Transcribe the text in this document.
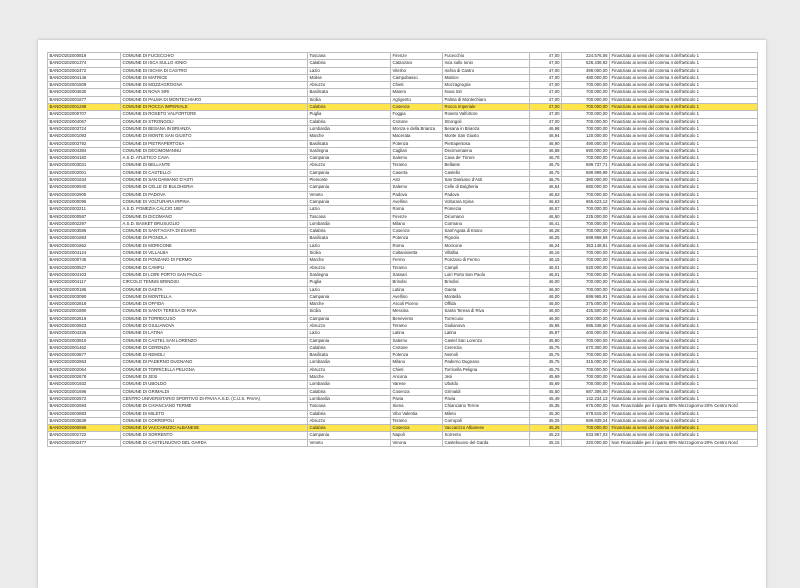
BANDO202000819	COMUNE DI FUCECCHIO	Toscana	Firenze	Fucecchio	47,00	224.576,06	Finanziato ai sensi del comma 4 dell'articolo 1
BANDO202001374	COMUNE DI ISCA SULLO IONIO	Calabria	Catanzaro	Isca sullo Ionio	47,00	526.438,92	Finanziato ai sensi del comma 4 dell'articolo 1
BANDO202002472	COMUNE DI ISCHIA DI CASTRO	Lazio	Viterbo	Ischia di Castro	47,00	399.000,00	Finanziato ai sensi del comma 4 dell'articolo 1
BANDO202004146	COMUNE DI MATRICE	Molise	Campobasso	Matrice	47,00	480.000,00	Finanziato ai sensi del comma 4 dell'articolo 1
BANDO202001509	COMUNE DI MOZZAGROGNA	Abruzzo	Chieti	Mozzagrogna	47,00	700.000,00	Finanziato ai sensi del comma 4 dell'articolo 1
BANDO202004630	COMUNE DI NOVA SIRI	Basilicata	Matera	Nova Siri	47,00	700.000,00	Finanziato ai sensi del comma 4 dell'articolo 1
BANDO202001677	COMUNE DI PALMA DI MONTECHIARO	Sicilia	Agrigento	Palma di Montechiaro	47,00	700.000,00	Finanziato ai sensi del comma 4 dell'articolo 1
BANDO202001288	COMUNE DI ROCCA IMPERIALE	Calabria	Cosenza	Rocca Imperiale	47,00	700.000,00	Finanziato ai sensi del comma 4 dell'articolo 1
BANDO202000707	COMUNE DI ROSETO VALFORTORE	Puglia	Foggia	Roseto Valfortore	47,00	700.000,00	Finanziato ai sensi del comma 4 dell'articolo 1
BANDO202004067	COMUNE DI STRONGOLI	Calabria	Crotone	Strongoli	47,00	700.000,00	Finanziato ai sensi del comma 4 dell'articolo 1
BANDO202003724	COMUNE DI BESANA IN BRIANZA	Lombardia	Monza e della Brianza	Besana in Brianza	46,98	700.000,00	Finanziato ai sensi del comma 4 dell'articolo 1
BANDO202001093	COMUNE DI MONTE SAN GIUSTO	Marche	Macerata	Monte San Giusto	46,94	120.000,00	Finanziato ai sensi del comma 4 dell'articolo 1
BANDO202003792	COMUNE DI PIETRAPERTOSA	Basilicata	Potenza	Pietrapertosa	46,90	490.000,00	Finanziato ai sensi del comma 4 dell'articolo 1
BANDO202004384	COMUNE DI DECIMOMANNU	Sardegna	Cagliari	Decimomannu	46,88	690.000,00	Finanziato ai sensi del comma 4 dell'articolo 1
BANDO202004182	A.S.D. ATLETICO CAVA	Campania	Salerno	Cava de' Tirreni	46,78	700.000,00	Finanziato ai sensi del comma 4 dell'articolo 1
BANDO202003031	COMUNE DI BELLANTE	Abruzzo	Teramo	Bellante	46,75	699.737,71	Finanziato ai sensi del comma 4 dell'articolo 1
BANDO202002001	COMUNE DI CASTELLO	Campania	Caserta	Castello	46,75	699.999,99	Finanziato ai sensi del comma 4 dell'articolo 1
BANDO202001634	COMUNE DI SAN DAMIANO D'ASTI	Piemonte	Asti	San Damiano d'Asti	46,75	380.000,00	Finanziato ai sensi del comma 4 dell'articolo 1
BANDO202000940	COMUNE DI CELLE DI BULGHERIA	Campania	Salerno	Celle di Bulgheria	46,64	680.000,00	Finanziato ai sensi del comma 4 dell'articolo 1
BANDO202002905	COMUNE DI PADOVA	Veneto	Padova	Padova	46,63	700.000,00	Finanziato ai sensi del comma 4 dell'articolo 1
BANDO202000096	COMUNE DI VOLTURARA IRPINA	Campania	Avellino	Volturara Irpina	46,63	655.623,12	Finanziato ai sensi del comma 4 dell'articolo 1
BANDO202003211	A.S.D. POMEZIA CALCIO 1957	Lazio	Roma	Pomezia	46,57	700.000,00	Finanziato ai sensi del comma 4 dell'articolo 1
BANDO202000597	COMUNE DI DICOMANO	Toscana	Firenze	Dicomano	46,50	225.000,00	Finanziato ai sensi del comma 4 dell'articolo 1
BANDO202002297	A.S.D. BASKET BRUSUGLIO	Lombardia	Milano	Cormano	46,41	700.000,00	Finanziato ai sensi del comma 4 dell'articolo 1
BANDO202003586	COMUNE DI SANT'AGATA DI ESARO	Calabria	Cosenza	Sant'Agata di Esaro	46,28	700.000,00	Finanziato ai sensi del comma 4 dell'articolo 1
BANDO202001893	COMUNE DI PIGNOLA	Basilicata	Potenza	Pignola	46,25	699.958,69	Finanziato ai sensi del comma 4 dell'articolo 1
BANDO202001862	COMUNE DI MORICONE	Lazio	Roma	Moricone	46,24	353.148,91	Finanziato ai sensi del comma 4 dell'articolo 1
BANDO202004124	COMUNE DI VILLALBA	Sicilia	Caltanissetta	Villalba	46,16	700.000,00	Finanziato ai sensi del comma 4 dell'articolo 1
BANDO202000745	COMUNE DI PONZANO DI FERMO	Marche	Fermo	Ponzano di Fermo	46,15	700.000,00	Finanziato ai sensi del comma 4 dell'articolo 1
BANDO202000527	COMUNE DI CAMPLI	Abruzzo	Teramo	Campli	46,01	620.000,00	Finanziato ai sensi del comma 4 dell'articolo 1
BANDO202004103	COMUNE DI LOIRI PORTO SAN PAOLO	Sardegna	Sassari	Loiri Porto San Paolo	46,01	700.000,00	Finanziato ai sensi del comma 4 dell'articolo 1
BANDO202004117	CIRCOLO TENNIS BRINDISI	Puglia	Brindisi	Brindisi	46,00	700.000,00	Finanziato ai sensi del comma 4 dell'articolo 1
BANDO202000185	COMUNE DI GAETA	Lazio	Latina	Gaeta	46,00	700.000,00	Finanziato ai sensi del comma 4 dell'articolo 1
BANDO202003090	COMUNE DI MONTELLA	Campania	Avellino	Montella	46,00	699.965,91	Finanziato ai sensi del comma 4 dell'articolo 1
BANDO202002818	COMUNE DI OFFIDA	Marche	Ascoli Piceno	Offida	46,00	375.000,00	Finanziato ai sensi del comma 4 dell'articolo 1
BANDO202001890	COMUNE DI SANTA TERESA DI RIVA	Sicilia	Messina	Santa Teresa di Riva	46,00	425.500,00	Finanziato ai sensi del comma 4 dell'articolo 1
BANDO202002619	COMUNE DI TORRECUSO	Campania	Benevento	Torrecuso	46,00	300.000,00	Finanziato ai sensi del comma 4 dell'articolo 1
BANDO202003923	COMUNE DI GIULIANOVA	Abruzzo	Teramo	Giulianova	45,95	695.348,60	Finanziato ai sensi del comma 4 dell'articolo 1
BANDO202004226	COMUNE DI LATINA	Lazio	Latina	Latina	45,87	400.000,00	Finanziato ai sensi del comma 4 dell'articolo 1
BANDO202003910	COMUNE DI CASTEL SAN LORENZO	Campania	Salerno	Castel San Lorenzo	45,80	700.000,00	Finanziato ai sensi del comma 4 dell'articolo 1
BANDO202001462	COMUNE DI CERENZIA	Calabria	Crotone	Cerenzia	45,75	670.300,00	Finanziato ai sensi del comma 4 dell'articolo 1
BANDO202003677	COMUNE DI NEMOLI	Basilicata	Potenza	Nemoli	45,75	700.000,00	Finanziato ai sensi del comma 4 dell'articolo 1
BANDO202002863	COMUNE DI PADERNO DUGNANO	Lombardia	Milano	Paderno Dugnano	45,75	315.000,00	Finanziato ai sensi del comma 4 dell'articolo 1
BANDO202002064	COMUNE DI TORRICELLA PELIGNA	Abruzzo	Chieti	Torricella Peligna	45,75	700.000,00	Finanziato ai sensi del comma 4 dell'articolo 1
BANDO202002678	COMUNE DI JESI	Marche	Ancona	Jesi	45,69	700.000,00	Finanziato ai sensi del comma 4 dell'articolo 1
BANDO202001932	COMUNE DI UBOLDO	Lombardia	Varese	Uboldo	45,69	700.000,00	Finanziato ai sensi del comma 4 dell'articolo 1
BANDO202001696	COMUNE DI GRIMALDI	Calabria	Cosenza	Grimaldi	45,50	687.306,00	Finanziato ai sensi del comma 4 dell'articolo 1
BANDO202002572	CENTRO UNIVERSITARIO SPORTIVO DI PAVIA A.S.D. (C.U.S. PAVIA)	Lombardia	Pavia	Pavia	45,49	142.234,13	Finanziato ai sensi del comma 4 dell'articolo 1
BANDO202002693	COMUNE DI CHIANCIANO TERME	Toscana	Siena	Chianciano Terme	45,35	675.000,00	Non Finanziabile per il riparto 80% Mezzogiorno-20% Centro Nord
BANDO202003883	COMUNE DI MILETO	Calabria	Vibo Valentia	Mileto	45,30	678.515,00	Finanziato ai sensi del comma 4 dell'articolo 1
BANDO202003639	COMUNE DI CORROPOLI	Abruzzo	Teramo	Corropoli	45,25	699.839,24	Finanziato ai sensi del comma 4 dell'articolo 1
BANDO202000696	COMUNE DI VACCARIZZO ALBANESE	Calabria	Cosenza	Vaccarizzo Albanese	45,25	700.000,00	Finanziato ai sensi del comma 4 dell'articolo 1
BANDO202002722	COMUNE DI SORRENTO	Campania	Napoli	Sorrento	45,23	633.967,03	Finanziato ai sensi del comma 4 dell'articolo 1
BANDO202002477	COMUNE DI CASTELNUOVO DEL GARDA	Veneto	Verona	Castelnuovo del Garda	45,15	320.000,00	Non Finanziabile per il riparto 80% Mezzogiorno-20% Centro Nord
